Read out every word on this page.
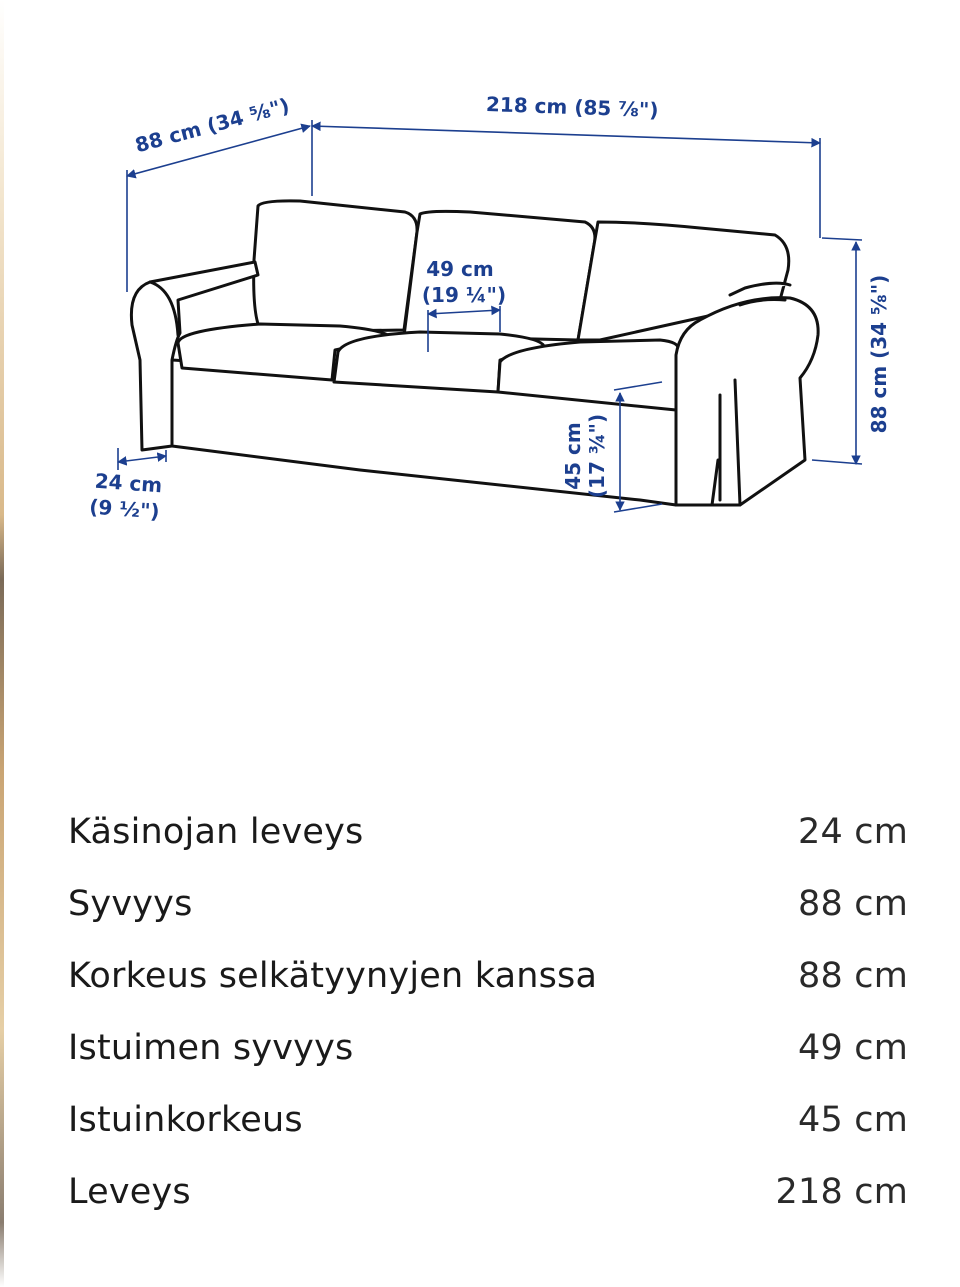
88 cm (34 ⅝")	218 cm (85 ⅞")
49 cm
(19 ¼")	88 cm (34 ⅝")
45 cm (17 ¾")
24 cm
(9 ½")
Käsinojan leveys	24 cm
Syvyys	88 cm
Korkeus selkätyynyjen kanssa	88 cm
Istuimen syvyys	49 cm
Istuinkorkeus	45 cm
Leveys	218 cm
